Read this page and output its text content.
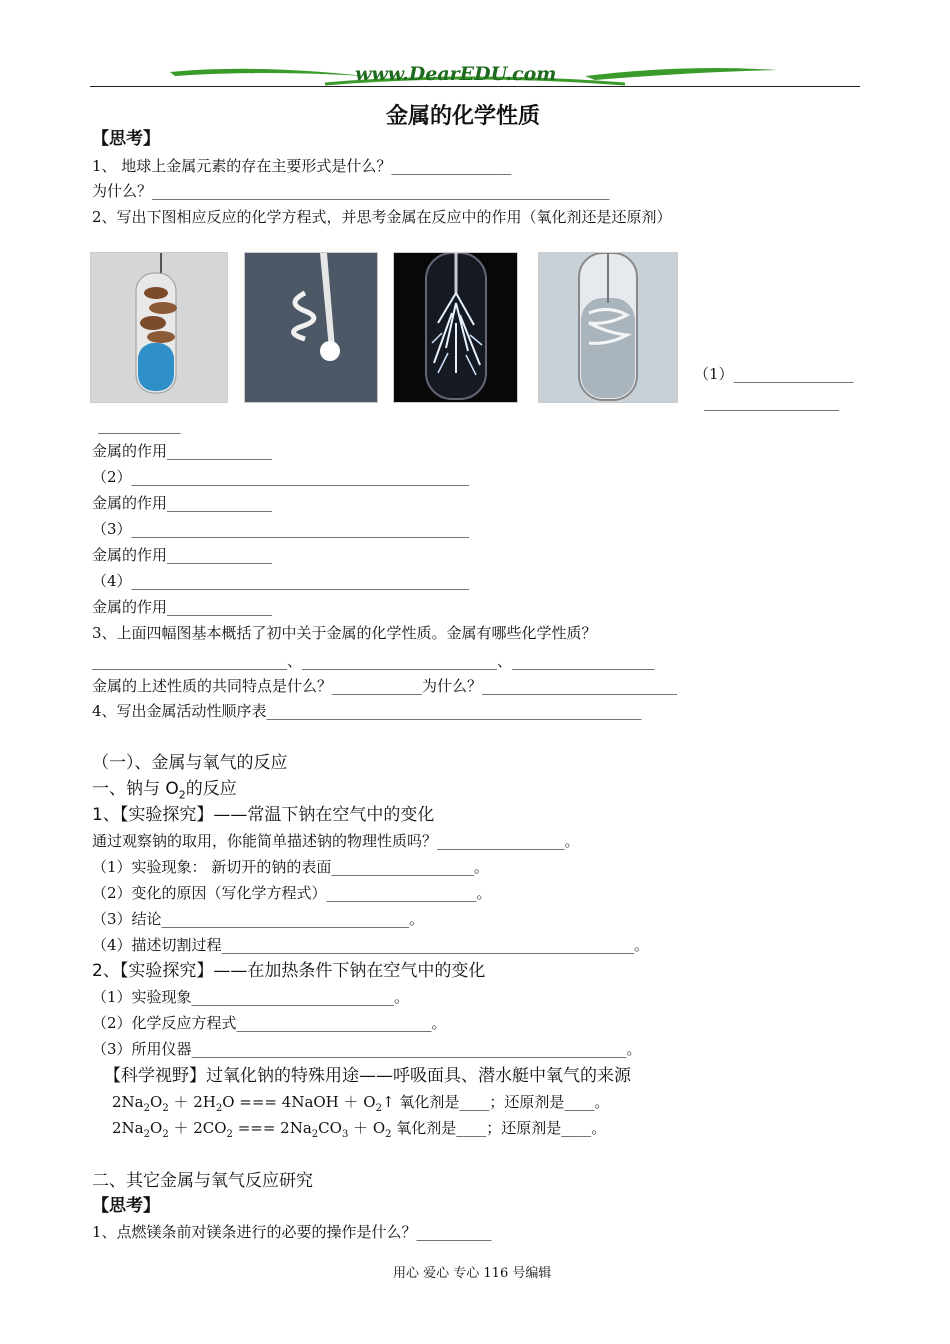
www.DearEDU.com
金属的化学性质
【思考】
1、 地球上金属元素的存在主要形式是什么？________________
为什么？_____________________________________________________________
2、写出下图相应反应的化学方程式，并思考金属在反应中的作用（氧化剂还是还原剂）
（1）________________
__________________
___________
金属的作用______________
（2）_____________________________________________
金属的作用______________
（3）_____________________________________________
金属的作用______________
（4）_____________________________________________
金属的作用______________
3、上面四幅图基本概括了初中关于金属的化学性质。金属有哪些化学性质？
__________________________、__________________________、___________________
金属的上述性质的共同特点是什么？____________为什么？__________________________
4、写出金属活动性顺序表__________________________________________________
（一）、金属与氧气的反应
一、钠与 $O_2$的反应
1、【实验探究】——常温下钠在空气中的变化
通过观察钠的取用，你能简单描述钠的物理性质吗？_________________。
（1）实验现象： 新切开的钠的表面___________________。
（2）变化的原因（写化学方程式）____________________。
（3）结论_________________________________。
（4）描述切割过程_______________________________________________________。
2、【实验探究】——在加热条件下钠在空气中的变化
（1）实验现象___________________________。
（2）化学反应方程式__________________________。
（3）所用仪器__________________________________________________________。
【科学视野】过氧化钠的特殊用途——呼吸面具、潜水艇中氧气的来源
$2Na_2O_2 + 2H_2O$ === 4NaOH ＋ $O_2↑$ 氧化剂是____；还原剂是____。
$2Na_2O_2 + 2CO_2$ === $2Na_2CO_3 + O_2$ 氧化剂是____；还原剂是____。
二、其它金属与氧气反应研究
【思考】
1、点燃镁条前对镁条进行的必要的操作是什么？__________
用心 爱心 专心 116 号编辑
